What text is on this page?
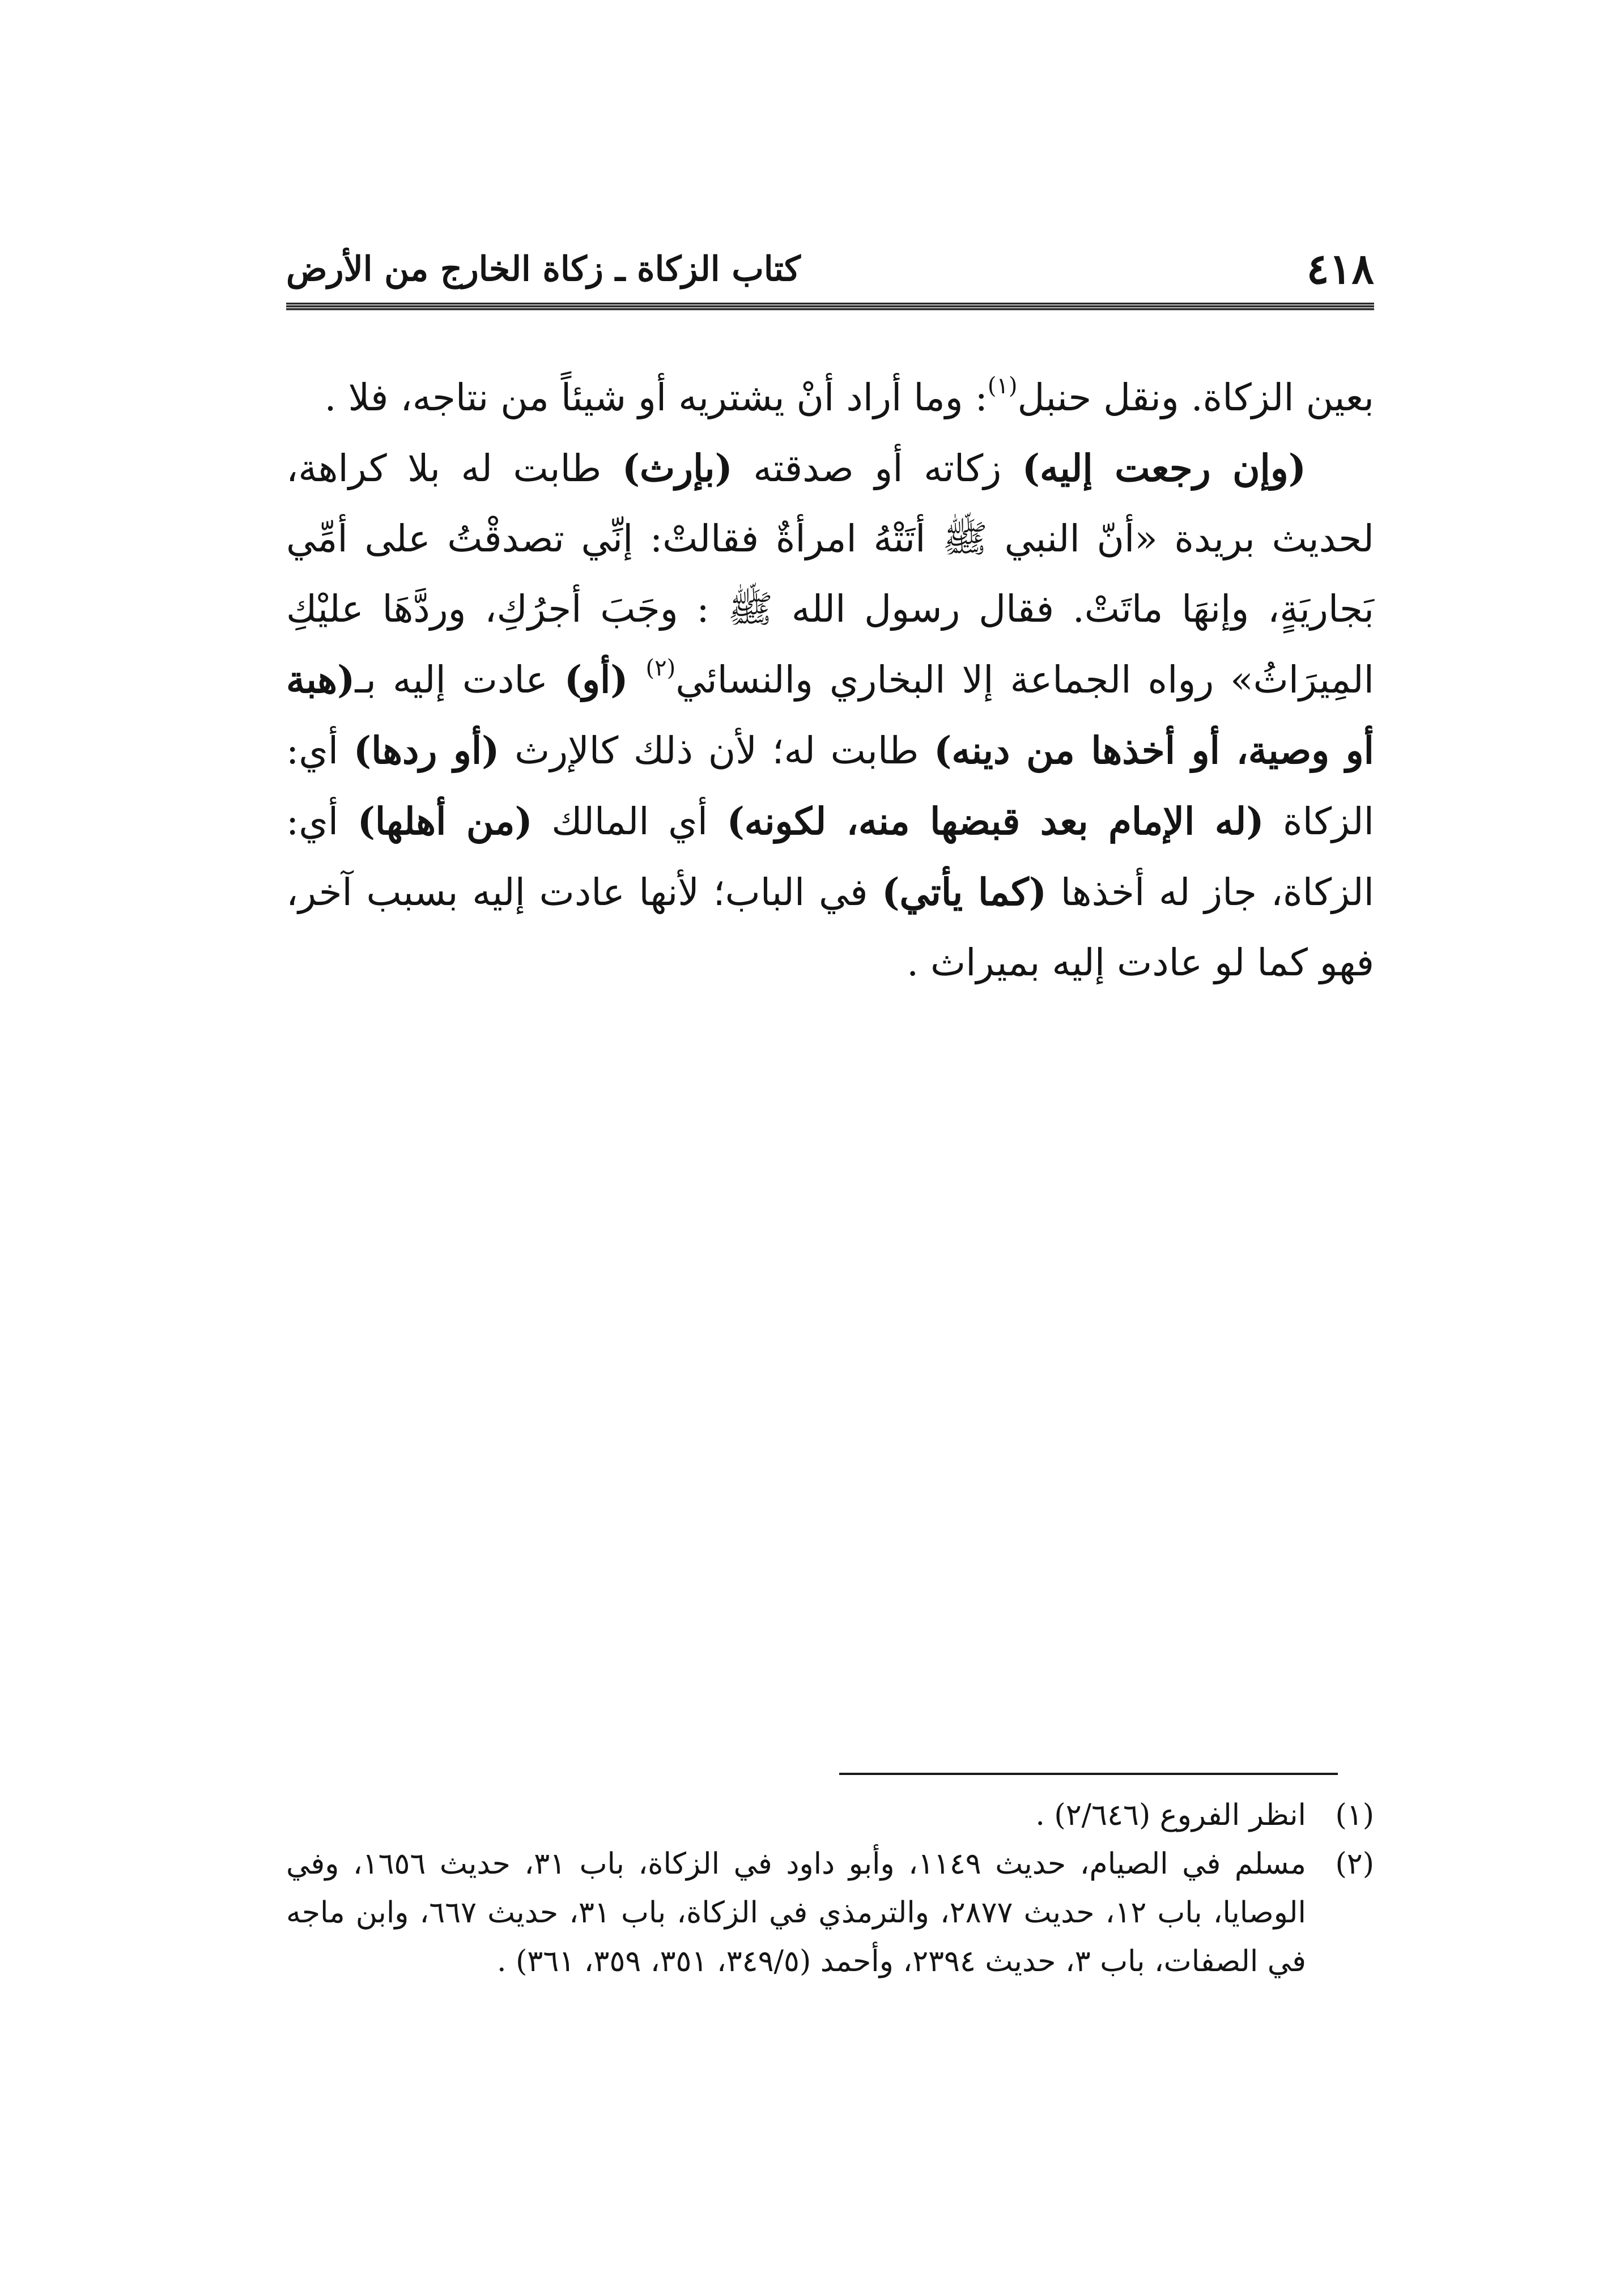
٤١٨

كتاب الزكاة ـ زكاة الخارج من الأرض

بعين الزكاة. ونقل حنبل$^{(١)}$: وما أراد أنْ يشتريه أو شيئاً من نتاجه، فلا .

(وإن رجعت إليه) زكاته أو صدقته (بإرث) طابت له بلا كراهة، لحديث بريدة «أنّ النبي ﷺ أتَتْهُ امرأةٌ فقالتْ: إنِّي تصدقْتُ على أمِّي بَجاريَةٍ، وإنهَا ماتَتْ. فقال رسول الله ﷺ : وجَبَ أجرُكِ، وردَّهَا عليْكِ المِيرَاثُ» رواه الجماعة إلا البخاري والنسائي$^{(٢)}$ (أو) عادت إليه بـ(هبة أو وصية، أو أخذها من دينه) طابت له؛ لأن ذلك كالإرث (أو ردها) أي: الزكاة (له الإمام بعد قبضها منه، لكونه) أي المالك (من أهلها) أي: الزكاة، جاز له أخذها (كما يأتي) في الباب؛ لأنها عادت إليه بسبب آخر، فهو كما لو عادت إليه بميراث .

(١)
انظر الفروع (٢/٦٤٦) .

(٢)
مسلم في الصيام، حديث ١١٤٩، وأبو داود في الزكاة، باب ٣١، حديث ١٦٥٦، وفي الوصايا، باب ١٢، حديث ٢٨٧٧، والترمذي في الزكاة، باب ٣١، حديث ٦٦٧، وابن ماجه في الصفات، باب ٣، حديث ٢٣٩٤، وأحمد (٣٤٩/٥، ٣٥١، ٣٥٩، ٣٦١) .
